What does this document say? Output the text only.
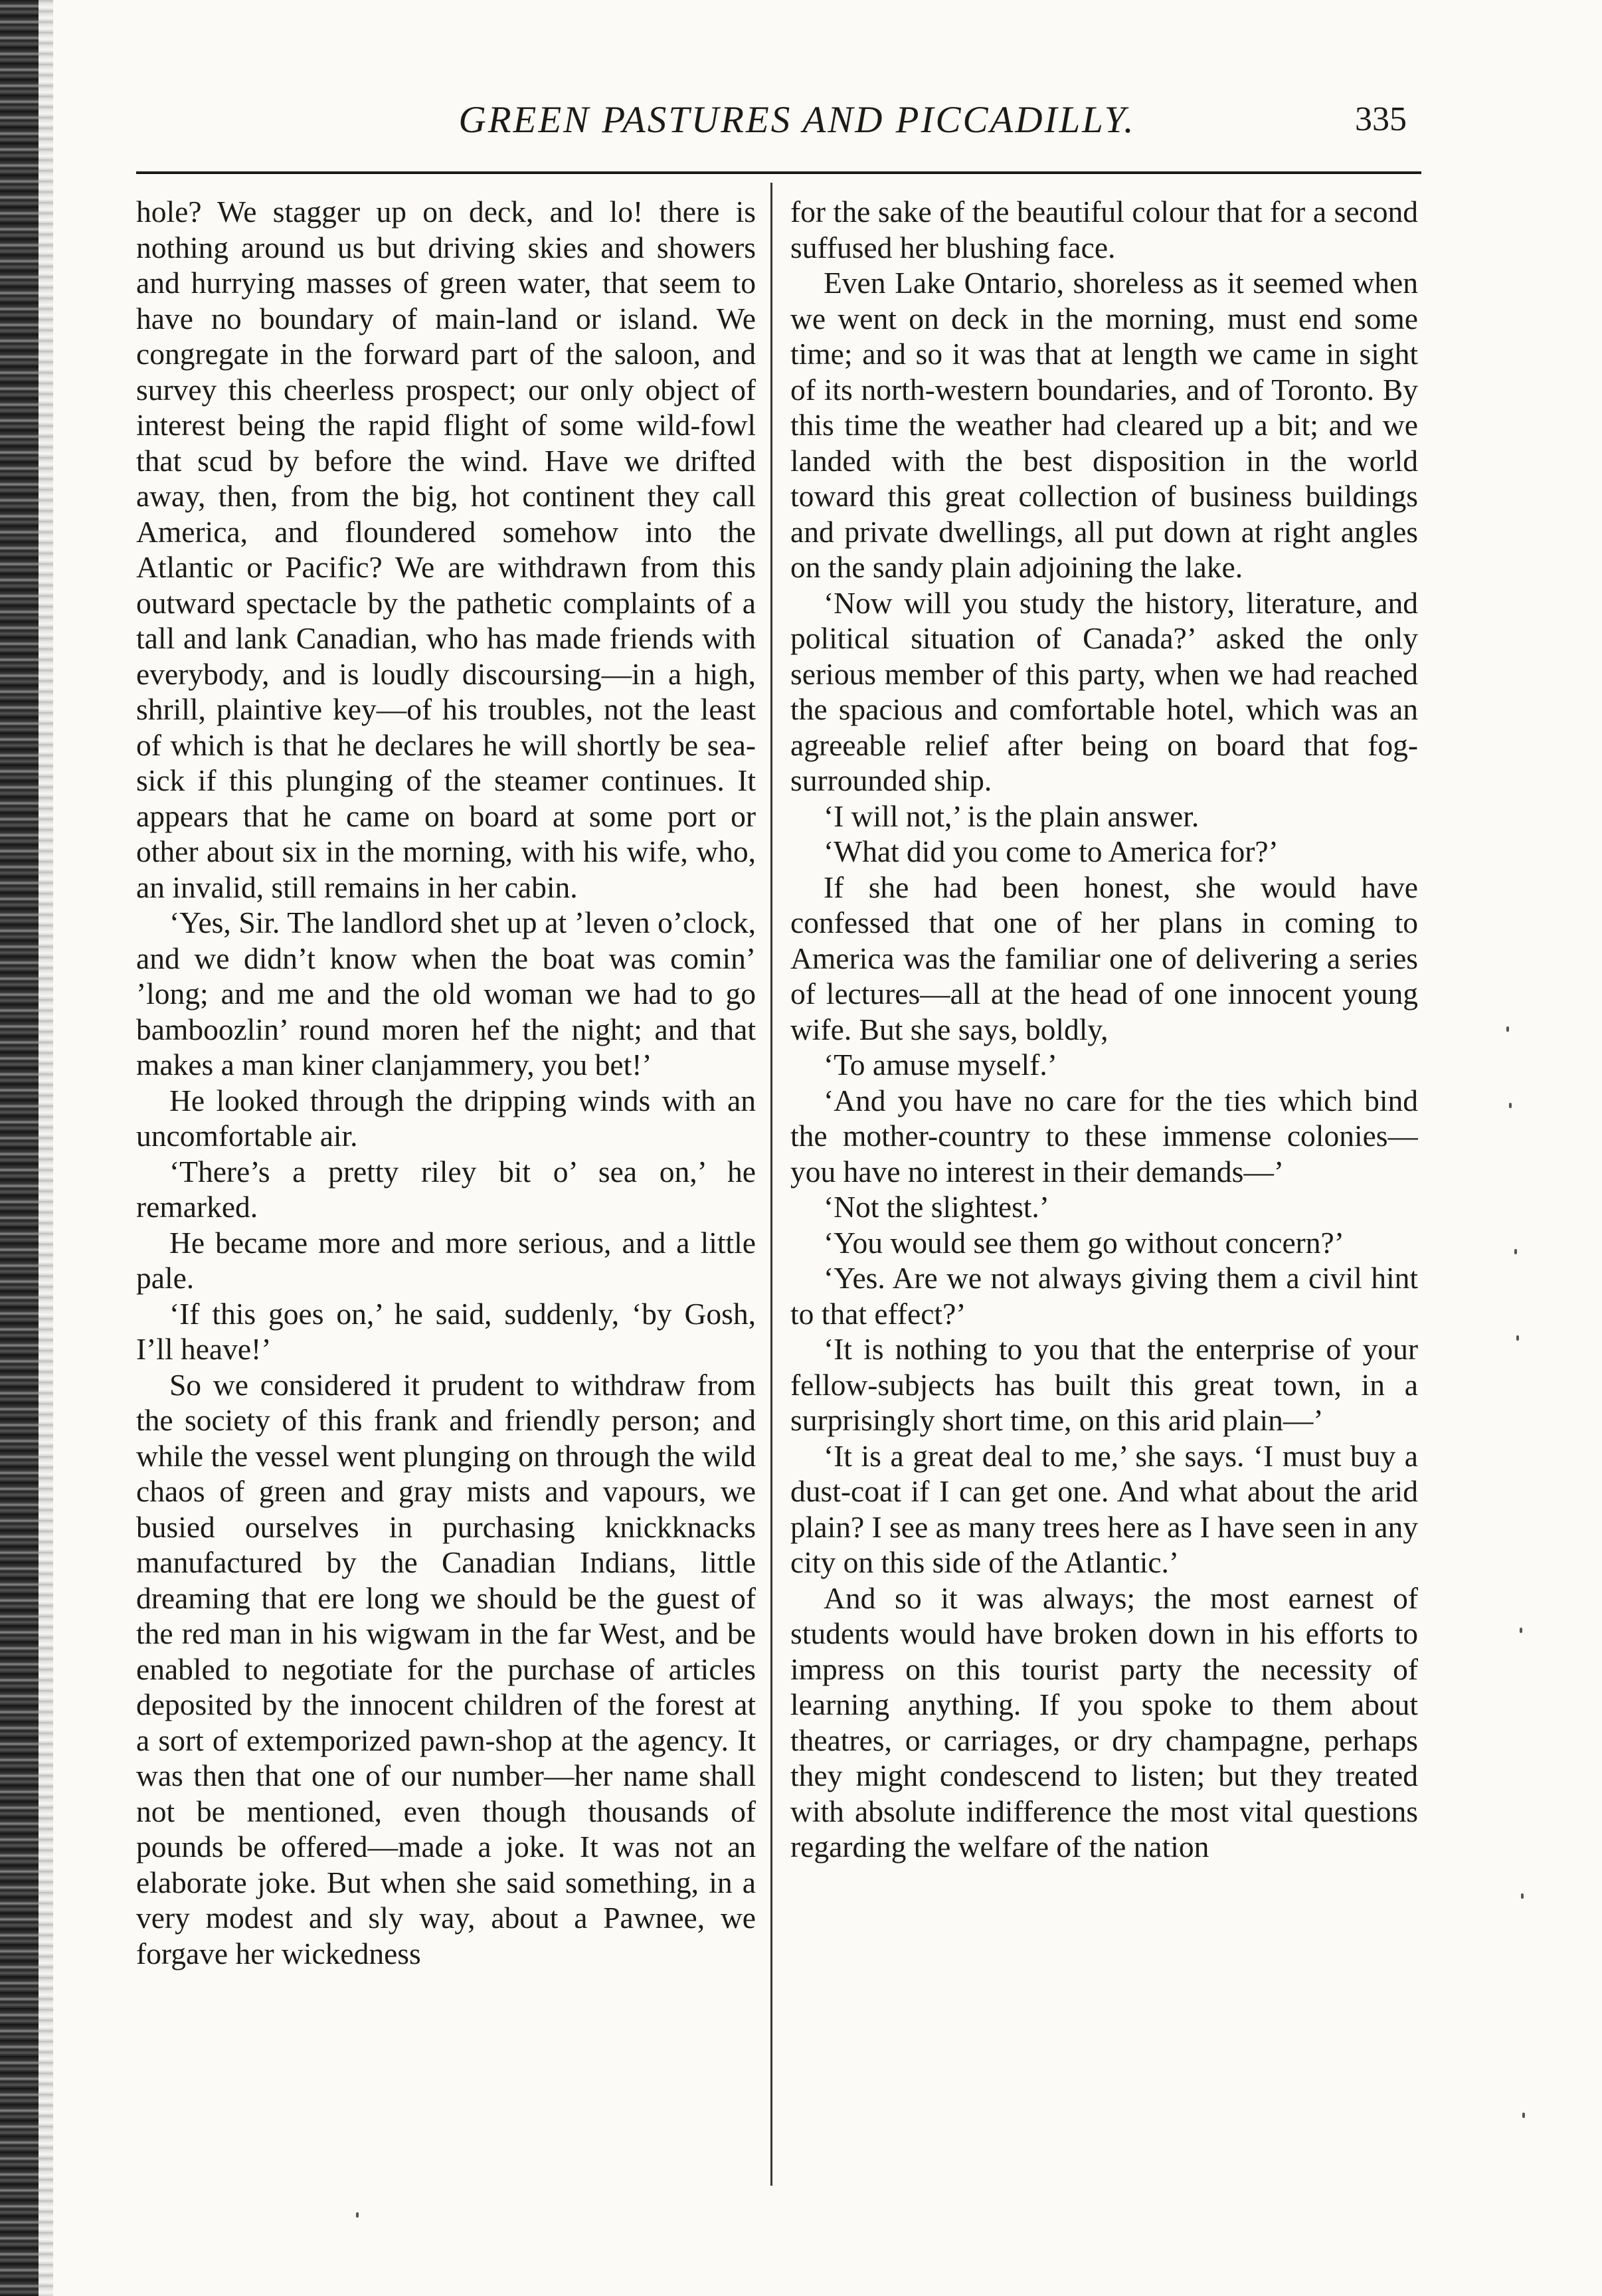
GREEN PASTURES AND PICCADILLY.	335

hole? We stagger up on deck, and lo! there is nothing around us but driving skies and showers and hurrying masses of green water, that seem to have no boundary of main-land or island. We congregate in the forward part of the saloon, and survey this cheerless prospect; our only object of interest being the rapid flight of some wild-fowl that scud by before the wind. Have we drifted away, then, from the big, hot continent they call America, and floundered somehow into the Atlantic or Pacific? We are withdrawn from this outward spectacle by the pathetic complaints of a tall and lank Canadian, who has made friends with everybody, and is loudly discoursing—in a high, shrill, plaintive key—of his troubles, not the least of which is that he declares he will shortly be sea-sick if this plunging of the steamer continues. It appears that he came on board at some port or other about six in the morning, with his wife, who, an invalid, still remains in her cabin.

‘Yes, Sir. The landlord shet up at ’leven o’clock, and we didn’t know when the boat was comin’ ’long; and me and the old woman we had to go bamboozlin’ round moren hef the night; and that makes a man kiner clanjammery, you bet!’

He looked through the dripping winds with an uncomfortable air.

‘There’s a pretty riley bit o’ sea on,’ he remarked.

He became more and more serious, and a little pale.

‘If this goes on,’ he said, suddenly, ‘by Gosh, I’ll heave!’

So we considered it prudent to withdraw from the society of this frank and friendly person; and while the vessel went plunging on through the wild chaos of green and gray mists and vapours, we busied ourselves in purchasing knickknacks manufactured by the Canadian Indians, little dreaming that ere long we should be the guest of the red man in his wigwam in the far West, and be enabled to negotiate for the purchase of articles deposited by the innocent children of the forest at a sort of extemporized pawn-shop at the agency. It was then that one of our number—her name shall not be mentioned, even though thousands of pounds be offered—made a joke. It was not an elaborate joke. But when she said something, in a very modest and sly way, about a Pawnee, we forgave her wickedness

for the sake of the beautiful colour that for a second suffused her blushing face.

Even Lake Ontario, shoreless as it seemed when we went on deck in the morning, must end some time; and so it was that at length we came in sight of its north-western boundaries, and of Toronto. By this time the weather had cleared up a bit; and we landed with the best disposition in the world toward this great collection of business buildings and private dwellings, all put down at right angles on the sandy plain adjoining the lake.

‘Now will you study the history, literature, and political situation of Canada?’ asked the only serious member of this party, when we had reached the spacious and comfortable hotel, which was an agreeable relief after being on board that fog-surrounded ship.

‘I will not,’ is the plain answer.

‘What did you come to America for?’

If she had been honest, she would have confessed that one of her plans in coming to America was the familiar one of delivering a series of lectures—all at the head of one innocent young wife. But she says, boldly,

‘To amuse myself.’

‘And you have no care for the ties which bind the mother-country to these immense colonies—you have no interest in their demands—’

‘Not the slightest.’

‘You would see them go without concern?’

‘Yes. Are we not always giving them a civil hint to that effect?’

‘It is nothing to you that the enterprise of your fellow-subjects has built this great town, in a surprisingly short time, on this arid plain—’

‘It is a great deal to me,’ she says. ‘I must buy a dust-coat if I can get one. And what about the arid plain? I see as many trees here as I have seen in any city on this side of the Atlantic.’

And so it was always; the most earnest of students would have broken down in his efforts to impress on this tourist party the necessity of learning anything. If you spoke to them about theatres, or carriages, or dry champagne, perhaps they might condescend to listen; but they treated with absolute indifference the most vital questions regarding the welfare of the nation
